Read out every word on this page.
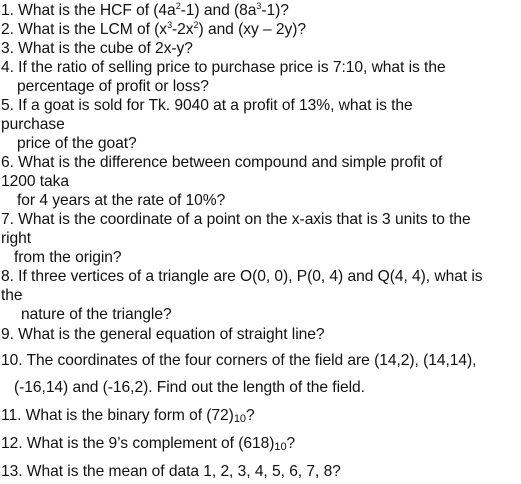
1. What is the HCF of $(4a^2-1)$ and $(8a^3-1)$?
2. What is the LCM of $(x^3-2x^2)$ and (xy – 2y)?
3. What is the cube of 2x-y?
4. If the ratio of selling price to purchase price is 7:10, what is the
percentage of profit or loss?
5. If a goat is sold for Tk. 9040 at a profit of 13%, what is the
purchase
price of the goat?
6. What is the difference between compound and simple profit of
1200 taka
for 4 years at the rate of 10%?
7. What is the coordinate of a point on the x-axis that is 3 units to the
right
from the origin?
8. If three vertices of a triangle are O(0, 0), P(0, 4) and Q(4, 4), what is
the
nature of the triangle?
9. What is the general equation of straight line?
10. The coordinates of the four corners of the field are (14,2), (14,14),
(-16,14) and (-16,2). Find out the length of the field.
11. What is the binary form of $(72)_{10}$?
12. What is the 9’s complement of $(618)_{10}$?
13. What is the mean of data 1, 2, 3, 4, 5, 6, 7, 8?
